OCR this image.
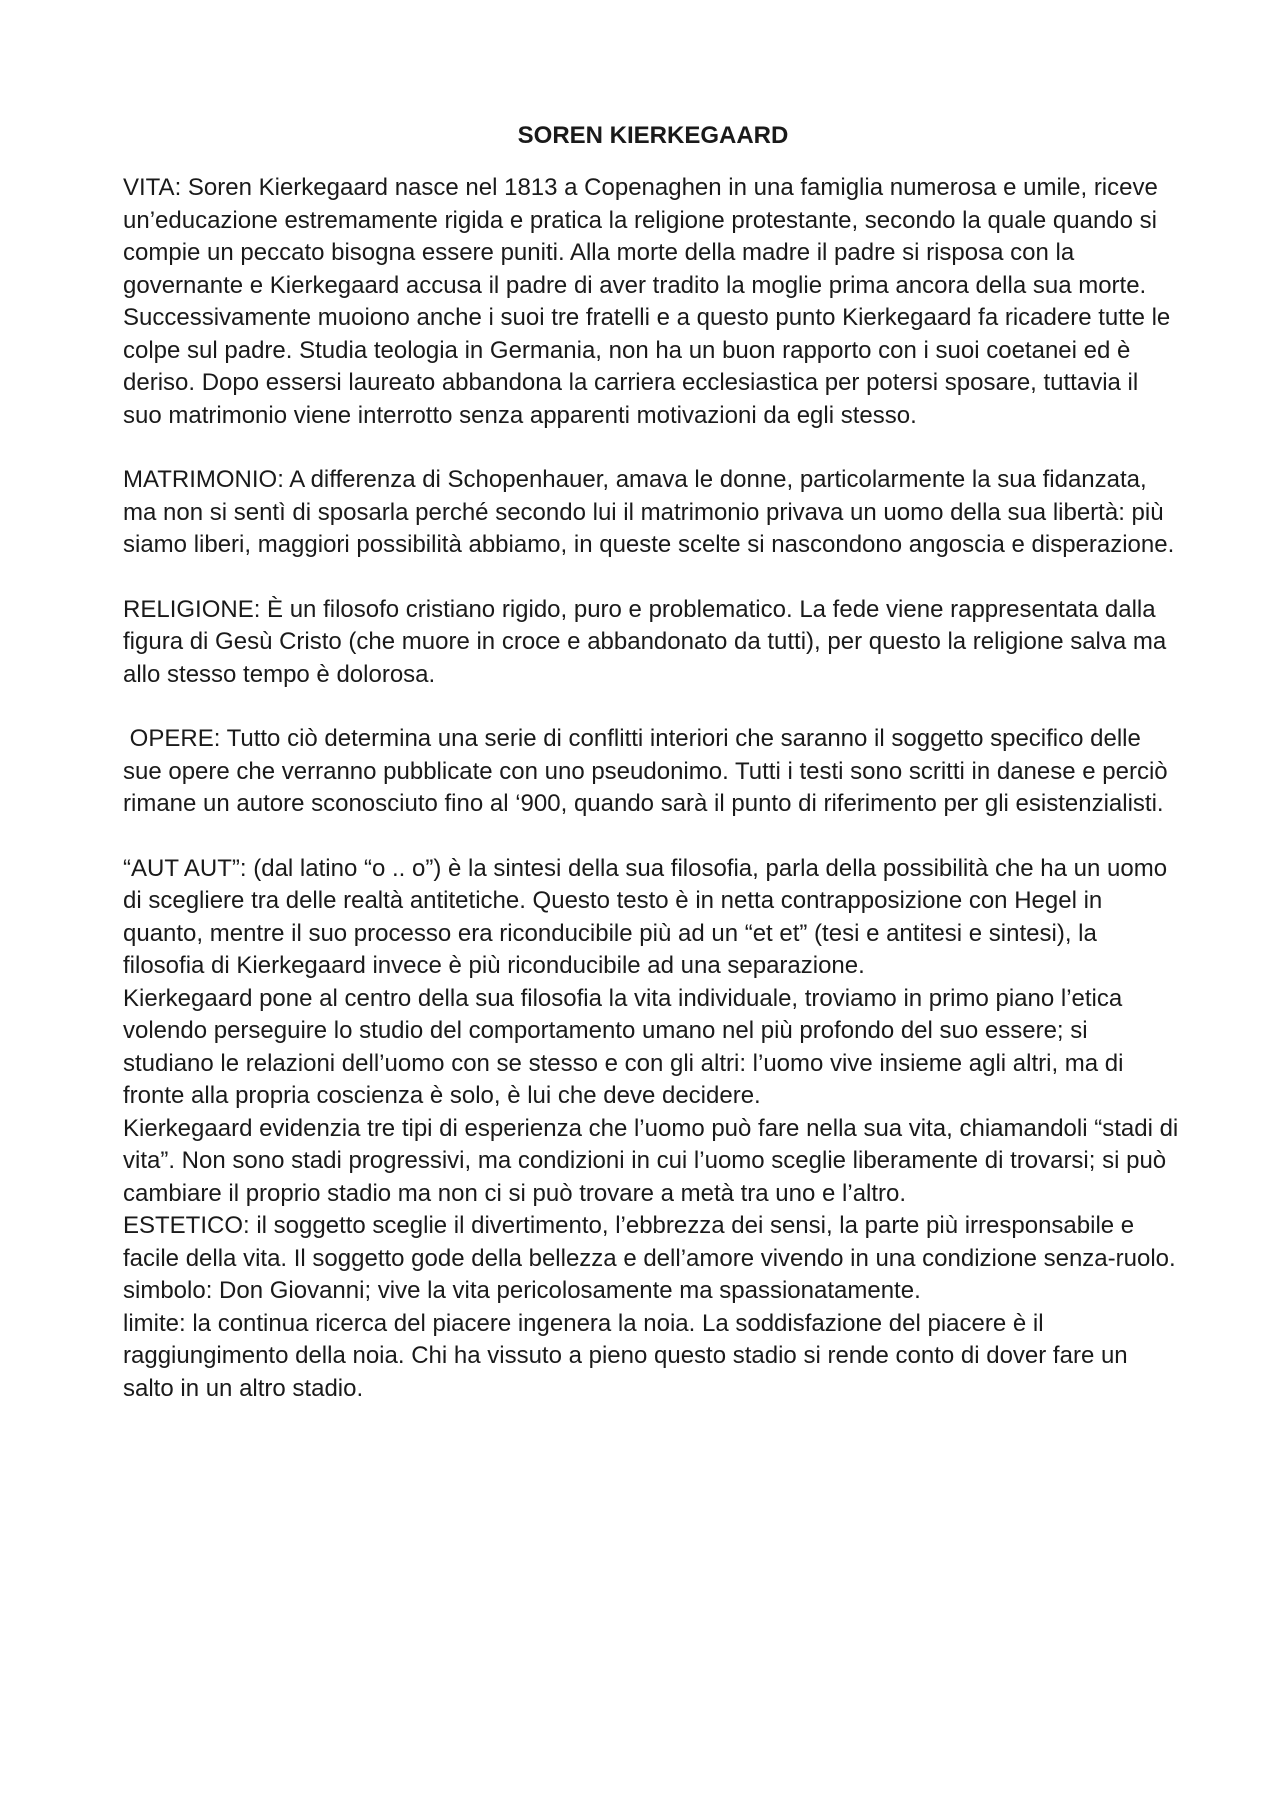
SOREN KIERKEGAARD

VITA: Soren Kierkegaard nasce nel 1813 a Copenaghen in una famiglia numerosa e umile, riceve un’educazione estremamente rigida e pratica la religione protestante, secondo la quale quando si compie un peccato bisogna essere puniti. Alla morte della madre il padre si risposa con la governante e Kierkegaard accusa il padre di aver tradito la moglie prima ancora della sua morte. Successivamente muoiono anche i suoi tre fratelli e a questo punto Kierkegaard fa ricadere tutte le colpe sul padre. Studia teologia in Germania, non ha un buon rapporto con i suoi coetanei ed è deriso. Dopo essersi laureato abbandona la carriera ecclesiastica per potersi sposare, tuttavia il suo matrimonio viene interrotto senza apparenti motivazioni da egli stesso.

MATRIMONIO: A differenza di Schopenhauer, amava le donne, particolarmente la sua fidanzata, ma non si sentì di sposarla perché secondo lui il matrimonio privava un uomo della sua libertà: più siamo liberi, maggiori possibilità abbiamo, in queste scelte si nascondono angoscia e disperazione.

RELIGIONE: È un filosofo cristiano rigido, puro e problematico. La fede viene rappresentata dalla figura di Gesù Cristo (che muore in croce e abbandonato da tutti), per questo la religione salva ma allo stesso tempo è dolorosa.

OPERE: Tutto ciò determina una serie di conflitti interiori che saranno il soggetto specifico delle sue opere che verranno pubblicate con uno pseudonimo. Tutti i testi sono scritti in danese e perciò rimane un autore sconosciuto fino al ‘900, quando sarà il punto di riferimento per gli esistenzialisti.

“AUT AUT”: (dal latino “o .. o”) è la sintesi della sua filosofia, parla della possibilità che ha un uomo di scegliere tra delle realtà antitetiche. Questo testo è in netta contrapposizione con Hegel in quanto, mentre il suo processo era riconducibile più ad un “et et” (tesi e antitesi e sintesi), la filosofia di Kierkegaard invece è più riconducibile ad una separazione.

Kierkegaard pone al centro della sua filosofia la vita individuale, troviamo in primo piano l’etica volendo perseguire lo studio del comportamento umano nel più profondo del suo essere; si studiano le relazioni dell’uomo con se stesso e con gli altri: l’uomo vive insieme agli altri, ma di fronte alla propria coscienza è solo, è lui che deve decidere.

Kierkegaard evidenzia tre tipi di esperienza che l’uomo può fare nella sua vita, chiamandoli “stadi di vita”. Non sono stadi progressivi, ma condizioni in cui l’uomo sceglie liberamente di trovarsi; si può cambiare il proprio stadio ma non ci si può trovare a metà tra uno e l’altro.

ESTETICO: il soggetto sceglie il divertimento, l’ebbrezza dei sensi, la parte più irresponsabile e facile della vita. Il soggetto gode della bellezza e dell’amore vivendo in una condizione senza-ruolo.

simbolo: Don Giovanni; vive la vita pericolosamente ma spassionatamente.

limite: la continua ricerca del piacere ingenera la noia. La soddisfazione del piacere è il raggiungimento della noia. Chi ha vissuto a pieno questo stadio si rende conto di dover fare un salto in un altro stadio.
